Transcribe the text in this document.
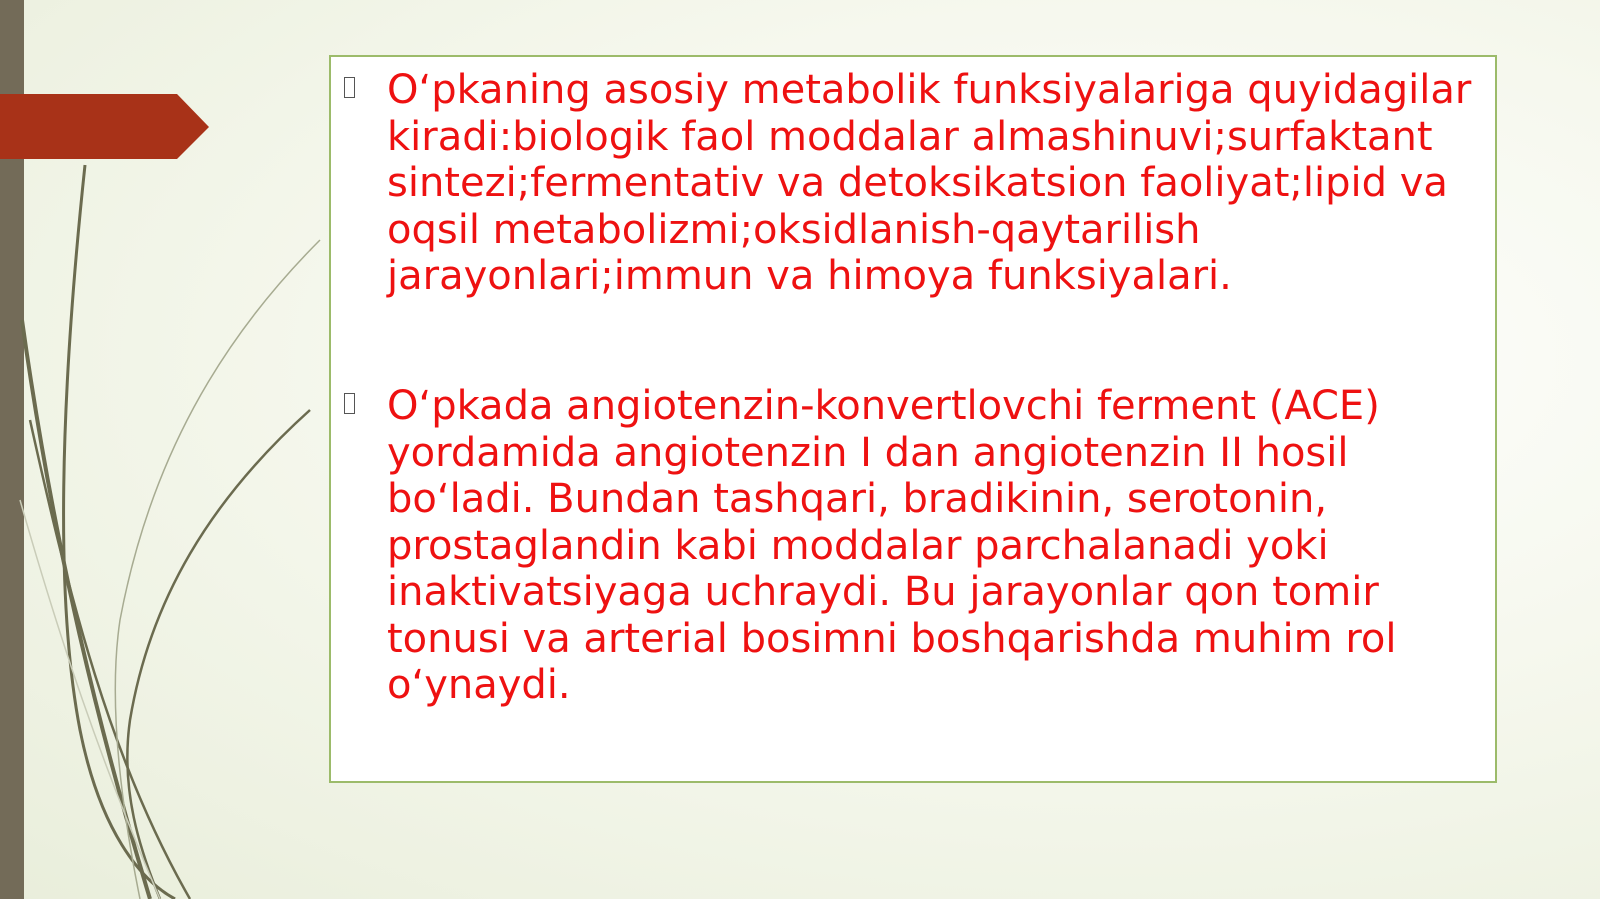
O‘pkaning asosiy metabolik funksiyalariga quyidagilar kiradi:biologik faol moddalar almashinuvi;surfaktant sintezi;fermentativ va detoksikatsion faoliyat;lipid va oqsil metabolizmi;oksidlanish-qaytarilish jarayonlari;immun va himoya funksiyalari.
O‘pkada angiotenzin-konvertlovchi ferment (ACE) yordamida angiotenzin I dan angiotenzin II hosil bo‘ladi. Bundan tashqari, bradikinin, serotonin, prostaglandin kabi moddalar parchalanadi yoki inaktivatsiyaga uchraydi. Bu jarayonlar qon tomir tonusi va arterial bosimni boshqarishda muhim rol o‘ynaydi.
